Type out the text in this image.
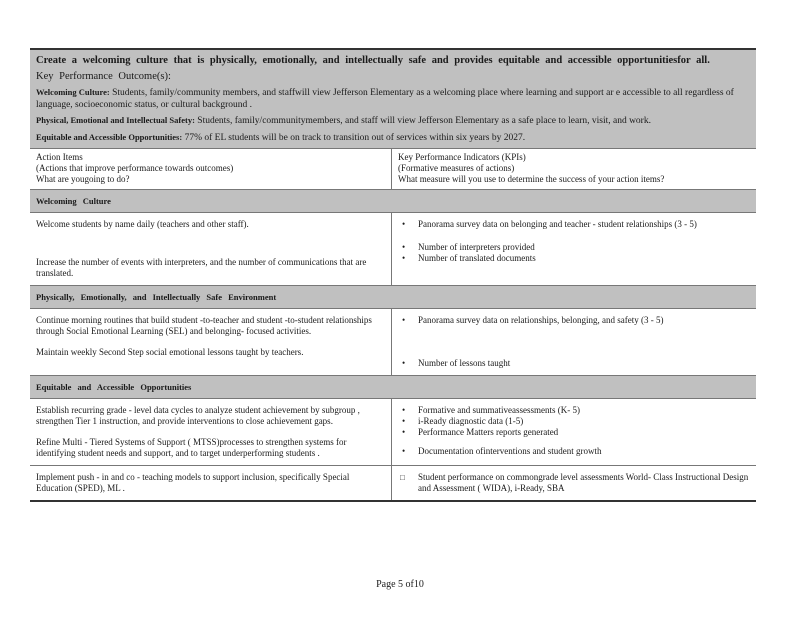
Create a welcoming culture that is physically, emotionally, and intellectually safe and provides equitable and accessible opportunitiesfor all.
Key Performance Outcome(s):
Welcoming Culture: Students, family/community members, and staffwill view Jefferson Elementary as a welcoming place where learning and support ar e accessible to all regardless of language, socioeconomic status, or cultural background .
Physical, Emotional and Intellectual Safety: Students, family/communitymembers, and staff will view Jefferson Elementary as a safe place to learn, visit, and work.
Equitable and Accessible Opportunities: 77% of EL students will be on track to transition out of services within six years by 2027.
Action Items
(Actions that improve performance towards outcomes)
What are yougoing to do?
Key Performance Indicators (KPIs)
(Formative measures of actions)
What measure will you use to determine the success of your action items?
Welcoming Culture
Welcome students by name daily (teachers and other staff).
Increase the number of events with interpreters, and the number of communications that are translated.
• Panorama survey data on belonging and teacher - student relationships (3 - 5)
• Number of interpreters provided
• Number of translated documents
Physically, Emotionally, and Intellectually Safe Environment
Continue morning routines that build student -to-teacher and student -to-student relationships through Social Emotional Learning (SEL) and belonging- focused activities.
Maintain weekly Second Step social emotional lessons taught by teachers.
• Panorama survey data on relationships, belonging, and safety (3 - 5)
• Number of lessons taught
Equitable and Accessible Opportunities
Establish recurring grade - level data cycles to analyze student achievement by subgroup , strengthen Tier 1 instruction, and provide interventions to close achievement gaps.
Refine Multi - Tiered Systems of Support ( MTSS)processes to strengthen systems for identifying student needs and support, and to target underperforming students .
• Formative and summativeassessments (K- 5)
• i-Ready diagnostic data (1-5)
• Performance Matters reports generated
• Documentation ofinterventions and student growth
Implement push - in and co - teaching models to support inclusion, specifically Special Education (SPED), ML .
□ Student performance on commongrade level assessments World- Class Instructional Design and Assessment ( WIDA), i-Ready, SBA
Page 5 of10
